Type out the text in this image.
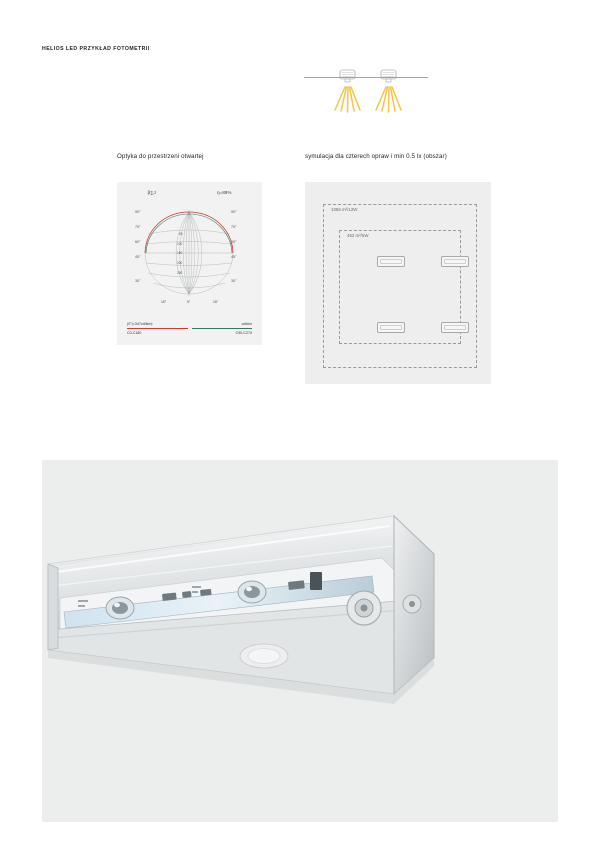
HELIOS LED PRZYKŁAD FOTOMETRII
Optyka do przestrzeni otwartej	symulacja dla czterech opraw i min 0.5 lx (obszar)
β∑J	η=88%
90°
75°
60°
45°
30°
90°
75°
60°
45°
30°
50
100
150
200
250
15°	0°	15°
(0°)=347cd/klm)	cd/klm
C0-C180	C90-C270
1056 m²/13W
462 m²/5W
